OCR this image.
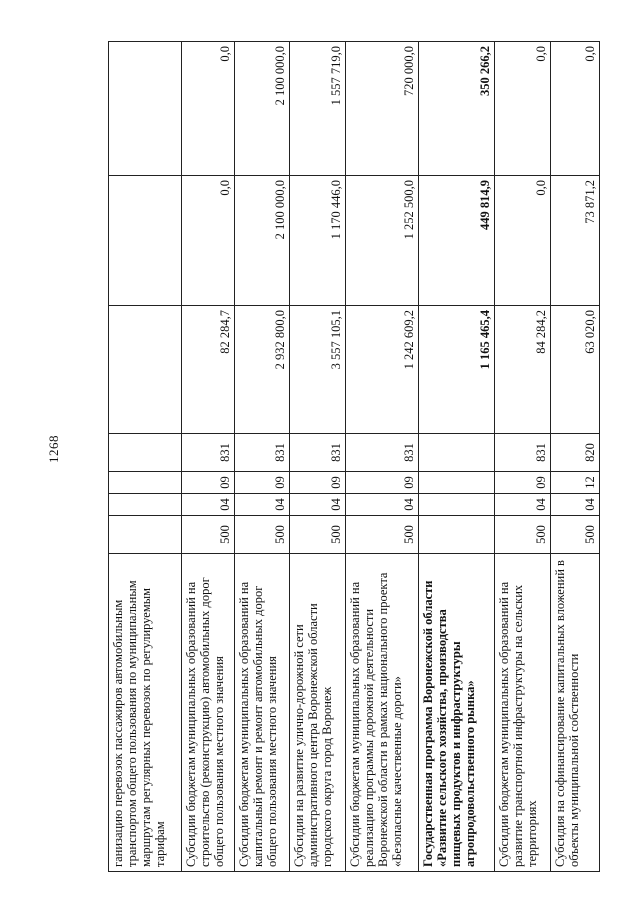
1268
ганизацию перевозок пассажиров автомобильным транспортом общего пользования по муниципальным маршрутам регулярных перевозок по регулируемым тарифам							
Субсидии бюджетам муниципальных образований на строительство (реконструкцию) автомобильных дорог общего пользования местного значения	500	04	09	831	82 284,7	0,0	0,0
Субсидии бюджетам муниципальных образований на капитальный ремонт и ремонт автомобильных дорог общего пользования местного значения	500	04	09	831	2 932 800,0	2 100 000,0	2 100 000,0
Субсидии на развитие улично-дорожной сети административного центра Воронежской области городского округа город Воронеж	500	04	09	831	3 557 105,1	1 170 446,0	1 557 719,0
Субсидии бюджетам муниципальных образований на реализацию программы дорожной деятельности Воронежской области в рамках национального проекта «Безопасные качественные дороги»	500	04	09	831	1 242 609,2	1 252 500,0	720 000,0
Государственная программа Воронежской области «Развитие сельского хозяйства, производства пищевых продуктов и инфраструктуры агропродовольственного рынка»					1 165 465,4	449 814,9	350 266,2
Субсидии бюджетам муниципальных образований на развитие транспортной инфраструктуры на сельских территориях	500	04	09	831	84 284,2	0,0	0,0
Субсидия на софинансирование капитальных вложений в объекты муниципальной собственности	500	04	12	820	63 020,0	73 871,2	0,0
